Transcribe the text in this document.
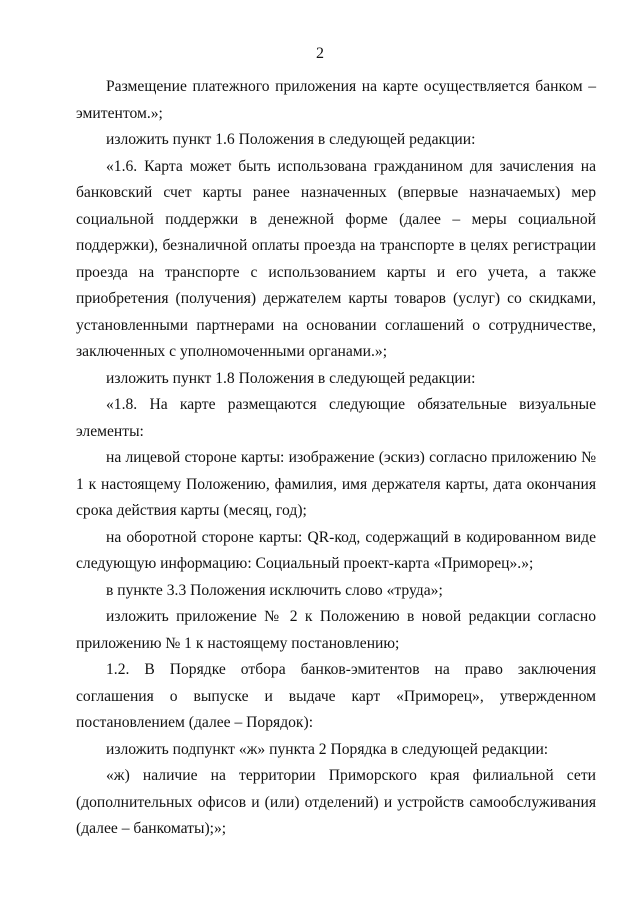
2

Размещение платежного приложения на карте осуществляется банком – эмитентом.»;

изложить пункт 1.6 Положения в следующей редакции:

«1.6. Карта может быть использована гражданином для зачисления на банковский счет карты ранее назначенных (впервые назначаемых) мер социальной поддержки в денежной форме (далее – меры социальной поддержки), безналичной оплаты проезда на транспорте в целях регистрации проезда на транспорте с использованием карты и его учета, а также приобретения (получения) держателем карты товаров (услуг) со скидками, установленными партнерами на основании соглашений о сотрудничестве, заключенных с уполномоченными органами.»;

изложить пункт 1.8 Положения в следующей редакции:

«1.8. На карте размещаются следующие обязательные визуальные элементы:

на лицевой стороне карты: изображение (эскиз) согласно приложению № 1 к настоящему Положению, фамилия, имя держателя карты, дата окончания срока действия карты (месяц, год);

на оборотной стороне карты: QR-код, содержащий в кодированном виде следующую информацию: Социальный проект-карта «Приморец».»;

в пункте 3.3 Положения исключить слово «труда»;

изложить приложение № 2 к Положению в новой редакции согласно приложению № 1 к настоящему постановлению;

1.2. В Порядке отбора банков-эмитентов на право заключения соглашения о выпуске и выдаче карт «Приморец», утвержденном постановлением (далее – Порядок):

изложить подпункт «ж» пункта 2 Порядка в следующей редакции:

«ж) наличие на территории Приморского края филиальной сети (дополнительных офисов и (или) отделений) и устройств самообслуживания (далее – банкоматы);»;
